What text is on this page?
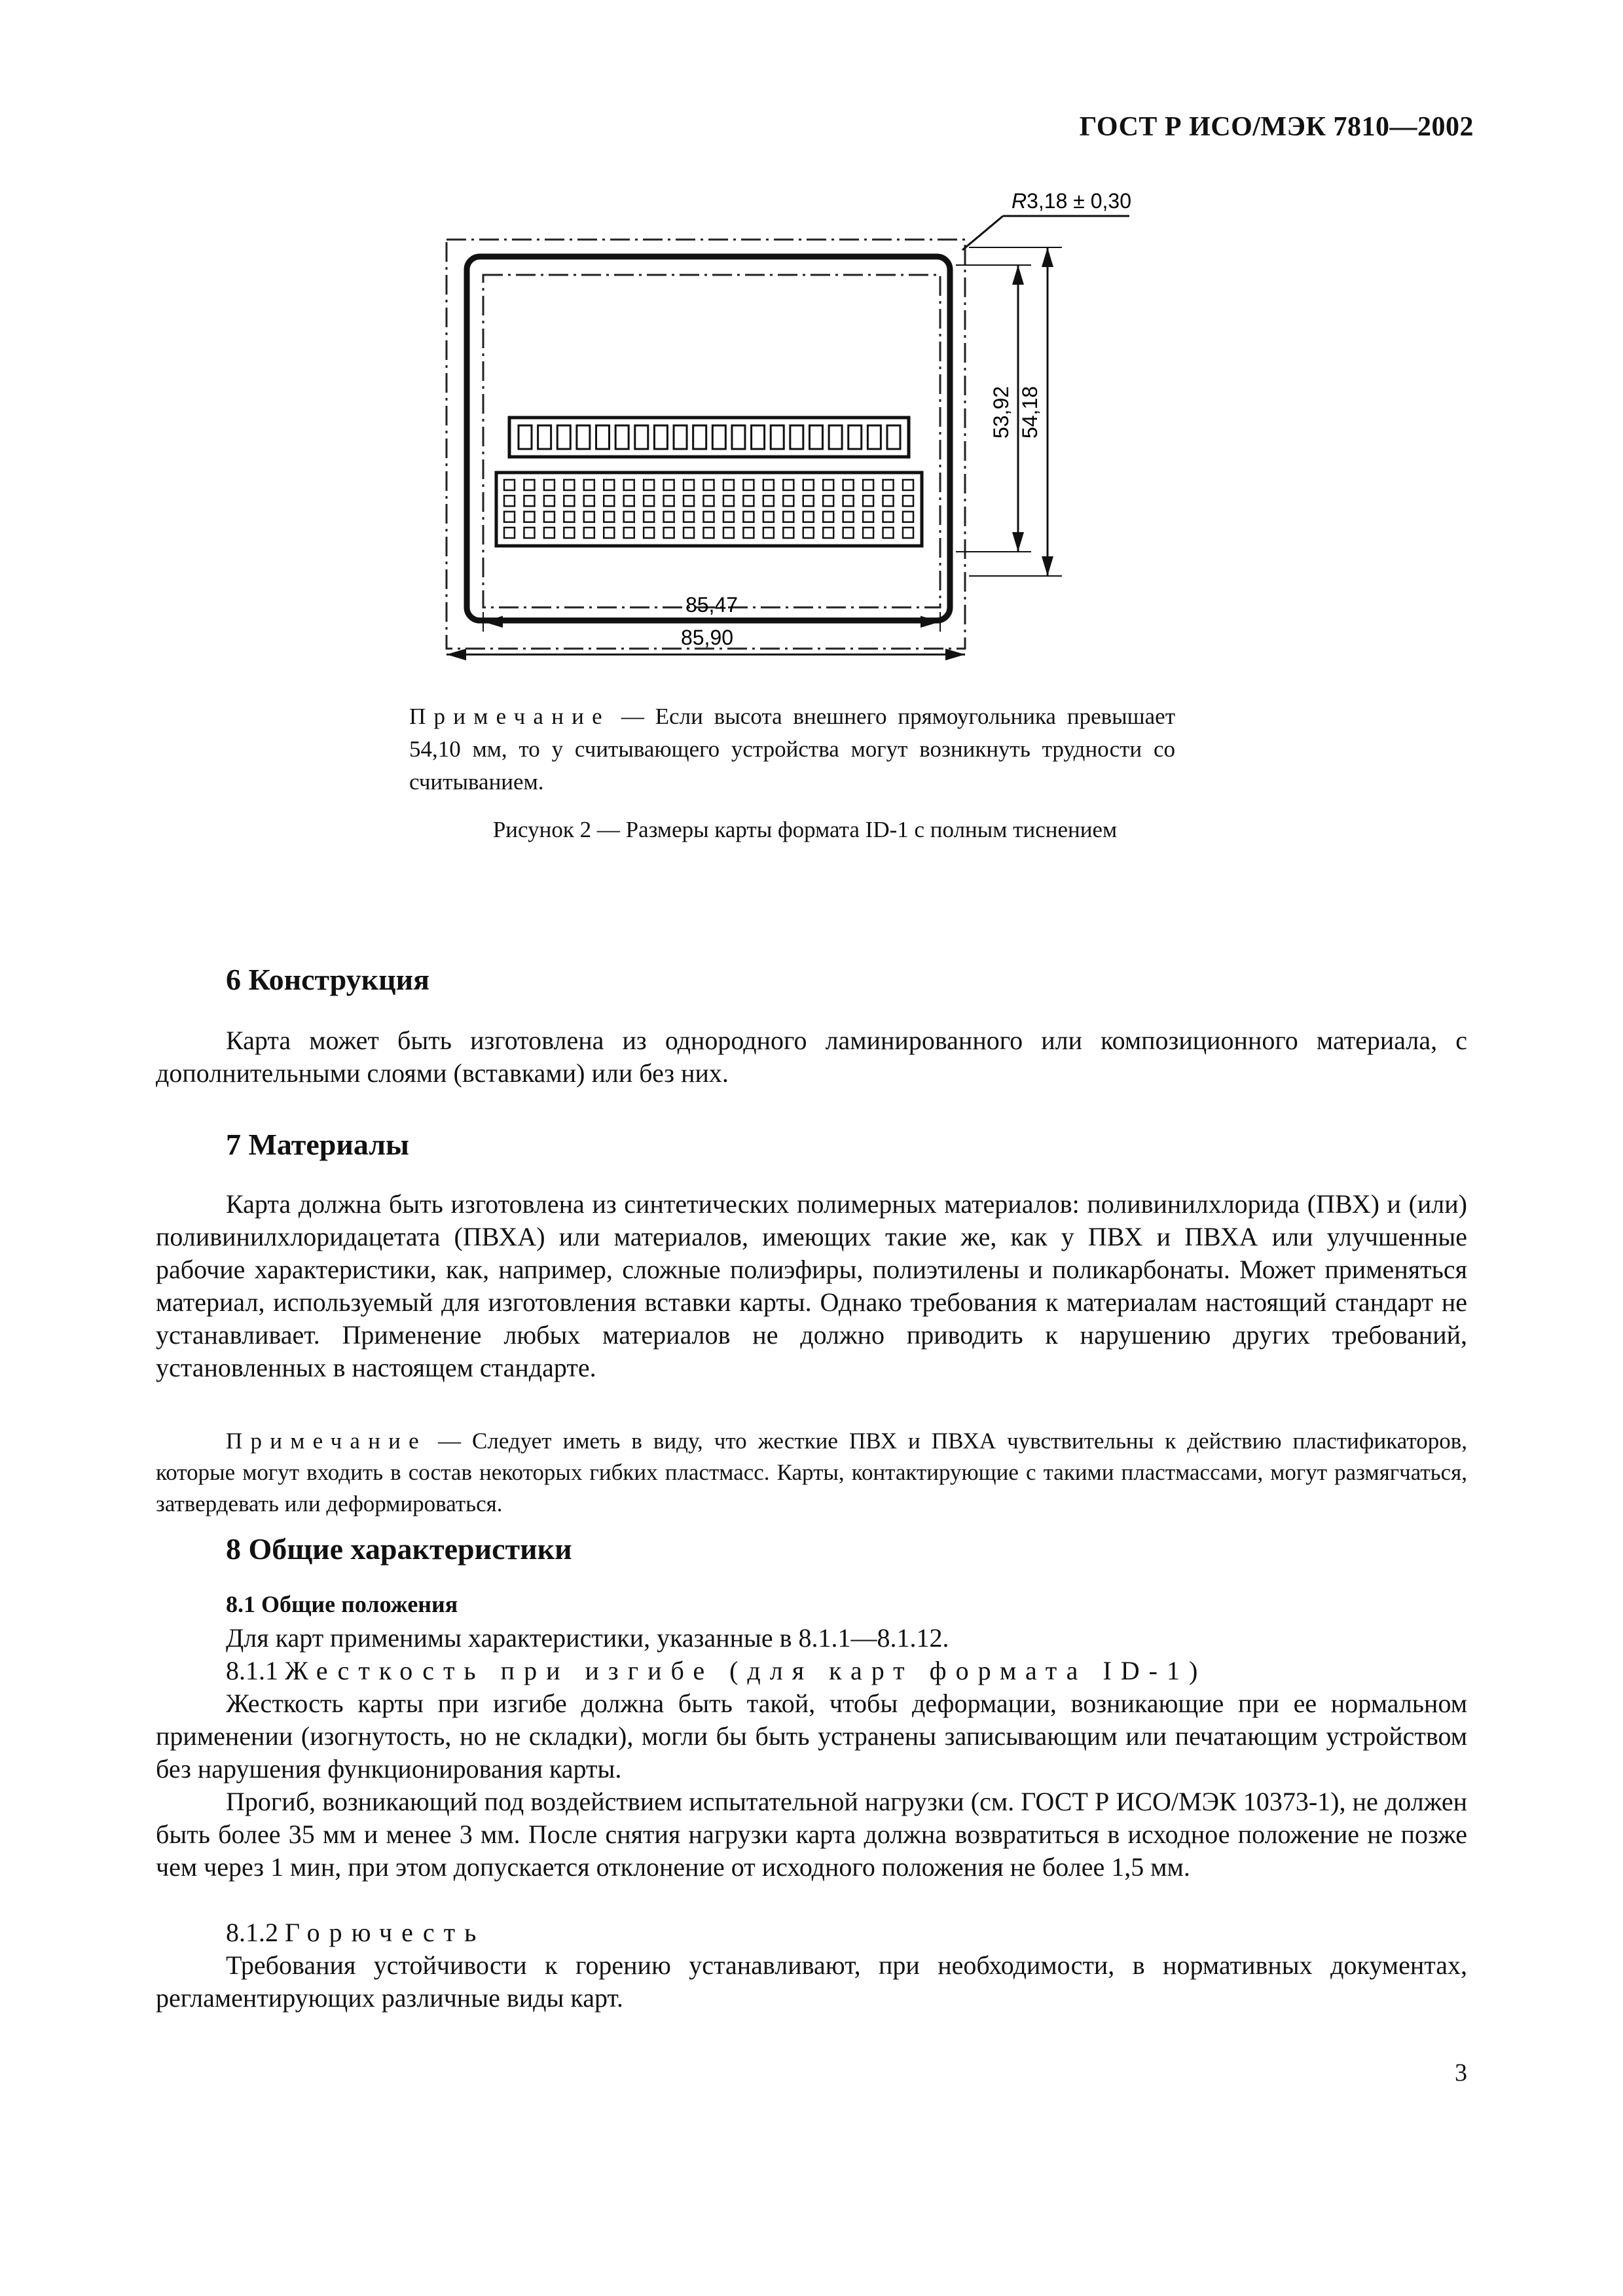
ГОСТ Р ИСО/МЭК 7810—2002
R3,18 ± 0,30
53,92 54,18
85,47
85,90
Примечание — Если высота внешнего прямоугольника превышает 54,10 мм, то у считывающего устройства могут возникнуть трудности со считыванием.
Рисунок 2 — Размеры карты формата ID-1 с полным тиснением
6 Конструкция
Карта может быть изготовлена из однородного ламинированного или композиционного материала, с дополнительными слоями (вставками) или без них.
7 Материалы
Карта должна быть изготовлена из синтетических полимерных материалов: поливинилхлорида (ПВХ) и (или) поливинилхлоридацетата (ПВХА) или материалов, имеющих такие же, как у ПВХ и ПВХА или улучшенные рабочие характеристики, как, например, сложные полиэфиры, полиэтилены и поликарбонаты. Может применяться материал, используемый для изготовления вставки карты. Однако требования к материалам настоящий стандарт не устанавливает. Применение любых материалов не должно приводить к нарушению других требований, установленных в настоящем стандарте.
Примечание — Следует иметь в виду, что жесткие ПВХ и ПВХА чувствительны к действию пластификаторов, которые могут входить в состав некоторых гибких пластмасс. Карты, контактирующие с такими пластмассами, могут размягчаться, затвердевать или деформироваться.
8 Общие характеристики
8.1 Общие положения
Для карт применимы характеристики, указанные в 8.1.1—8.1.12.
8.1.1 Жесткость при изгибе (для карт формата ID-1)
Жесткость карты при изгибе должна быть такой, чтобы деформации, возникающие при ее нормальном применении (изогнутость, но не складки), могли бы быть устранены записывающим или печатающим устройством без нарушения функционирования карты.
Прогиб, возникающий под воздействием испытательной нагрузки (см. ГОСТ Р ИСО/МЭК 10373-1), не должен быть более 35 мм и менее 3 мм. После снятия нагрузки карта должна возвратиться в исходное положение не позже чем через 1 мин, при этом допускается отклонение от исходного положения не более 1,5 мм.
8.1.2 Горючесть
Требования устойчивости к горению устанавливают, при необходимости, в нормативных документах, регламентирующих различные виды карт.
3
